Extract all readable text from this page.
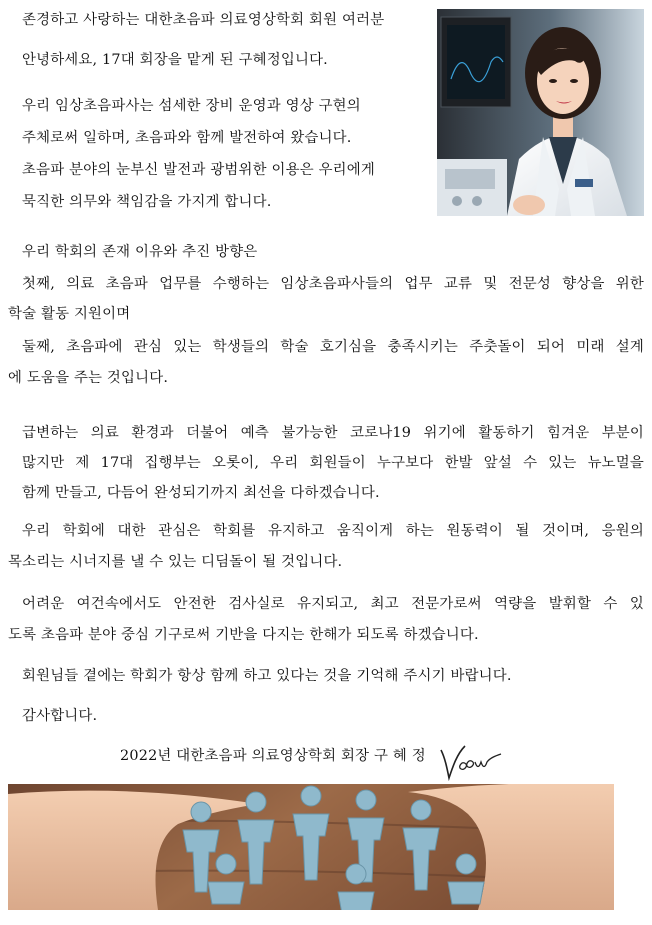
존경하고 사랑하는 대한초음파 의료영상학회 회원 여러분
안녕하세요, 17대 회장을 맡게 된 구혜정입니다.
우리 임상초음파사는 섬세한 장비 운영과 영상 구현의
주체로써 일하며, 초음파와 함께 발전하여 왔습니다.
초음파 분야의 눈부신 발전과 광범위한 이용은 우리에게
묵직한 의무와 책임감을 가지게 합니다.
우리 학회의 존재 이유와 추진 방향은
첫째, 의료 초음파 업무를 수행하는 임상초음파사들의 업무 교류 및 전문성 향상을 위한
학술 활동 지원이며
둘째, 초음파에 관심 있는 학생들의 학술 호기심을 충족시키는 주춧돌이 되어 미래 설계
에 도움을 주는 것입니다.
급변하는 의료 환경과 더불어 예측 불가능한 코로나19 위기에 활동하기 힘겨운 부분이
많지만 제 17대 집행부는 오롯이, 우리 회원들이 누구보다 한발 앞설 수 있는 뉴노멀을
함께 만들고, 다듬어 완성되기까지 최선을 다하겠습니다.
우리 학회에 대한 관심은 학회를 유지하고 움직이게 하는 원동력이 될 것이며, 응원의
목소리는 시너지를 낼 수 있는 디딤돌이 될 것입니다.
어려운 여건속에서도 안전한 검사실로 유지되고, 최고 전문가로써 역량을 발휘할 수 있
도록 초음파 분야 중심 기구로써 기반을 다지는 한해가 되도록 하겠습니다.
회원님들 곁에는 학회가 항상 함께 하고 있다는 것을 기억해 주시기 바랍니다.
감사합니다.
2022년 대한초음파 의료영상학회 회장 구 혜 정
